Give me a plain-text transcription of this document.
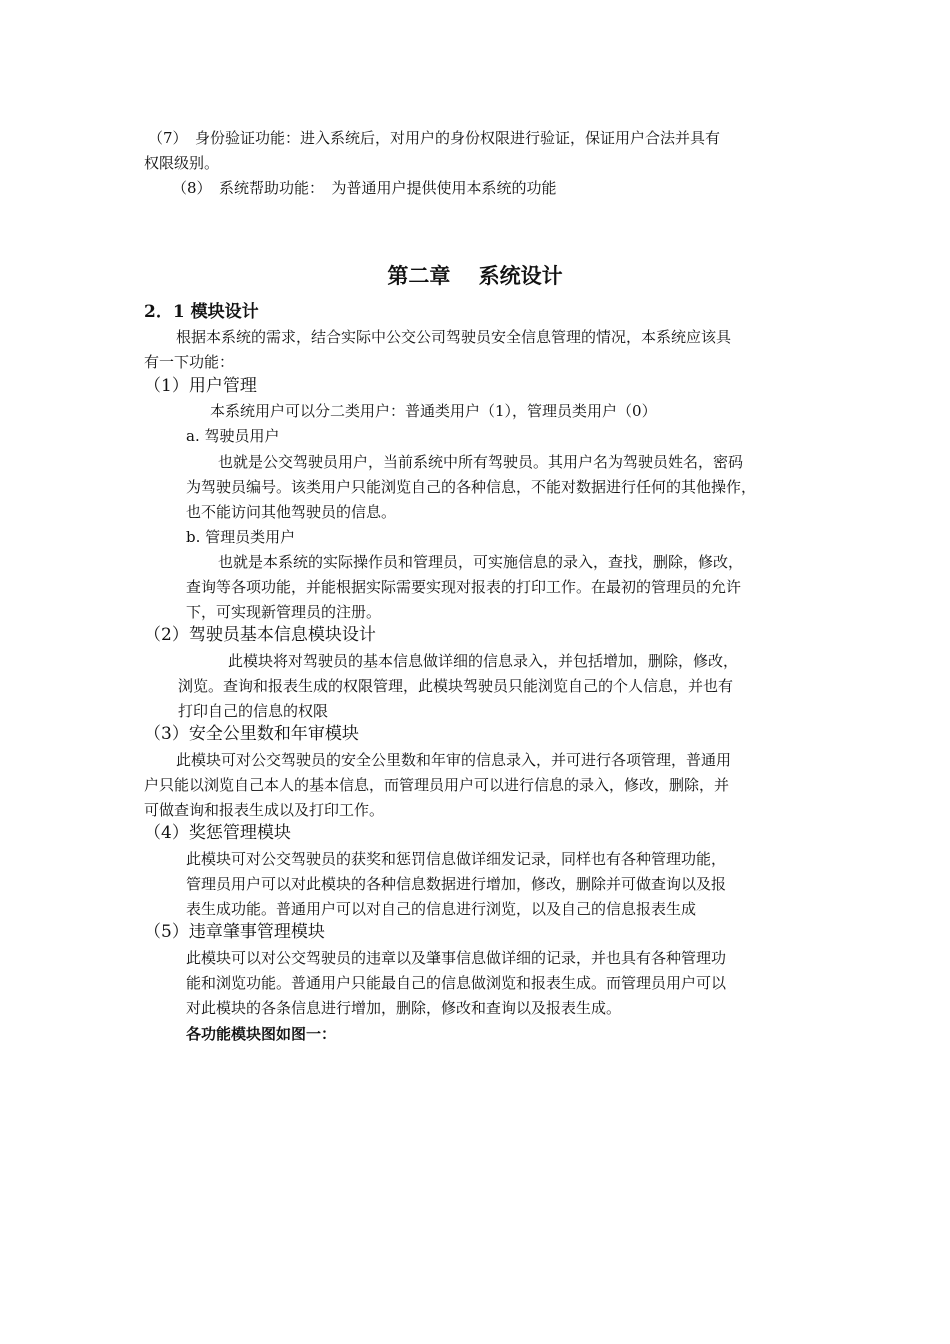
（7）　身份验证功能：进入系统后，对用户的身份权限进行验证，保证用户合法并具有
权限级别。
（8）　系统帮助功能：　为普通用户提供使用本系统的功能
第二章　 系统设计
2．1 模块设计
根据本系统的需求，结合实际中公交公司驾驶员安全信息管理的情况，本系统应该具
有一下功能：
（1）用户管理
本系统用户可以分二类用户：普通类用户（1），管理员类用户（0）
a. 驾驶员用户
也就是公交驾驶员用户，当前系统中所有驾驶员。其用户名为驾驶员姓名，密码
为驾驶员编号。该类用户只能浏览自己的各种信息，不能对数据进行任何的其他操作，
也不能访问其他驾驶员的信息。
b. 管理员类用户
也就是本系统的实际操作员和管理员，可实施信息的录入，查找，删除，修改，
查询等各项功能，并能根据实际需要实现对报表的打印工作。在最初的管理员的允许
下，可实现新管理员的注册。
（2）驾驶员基本信息模块设计
此模块将对驾驶员的基本信息做详细的信息录入，并包括增加，删除，修改，
浏览。查询和报表生成的权限管理，此模块驾驶员只能浏览自己的个人信息，并也有
打印自己的信息的权限
（3）安全公里数和年审模块
此模块可对公交驾驶员的安全公里数和年审的信息录入，并可进行各项管理，普通用
户只能以浏览自己本人的基本信息，而管理员用户可以进行信息的录入，修改，删除，并
可做查询和报表生成以及打印工作。
（4）奖惩管理模块
此模块可对公交驾驶员的获奖和惩罚信息做详细发记录，同样也有各种管理功能，
管理员用户可以对此模块的各种信息数据进行增加，修改，删除并可做查询以及报
表生成功能。普通用户可以对自己的信息进行浏览，以及自己的信息报表生成
（5）违章肇事管理模块
此模块可以对公交驾驶员的违章以及肇事信息做详细的记录，并也具有各种管理功
能和浏览功能。普通用户只能最自己的信息做浏览和报表生成。而管理员用户可以
对此模块的各条信息进行增加，删除，修改和查询以及报表生成。
各功能模块图如图一：
